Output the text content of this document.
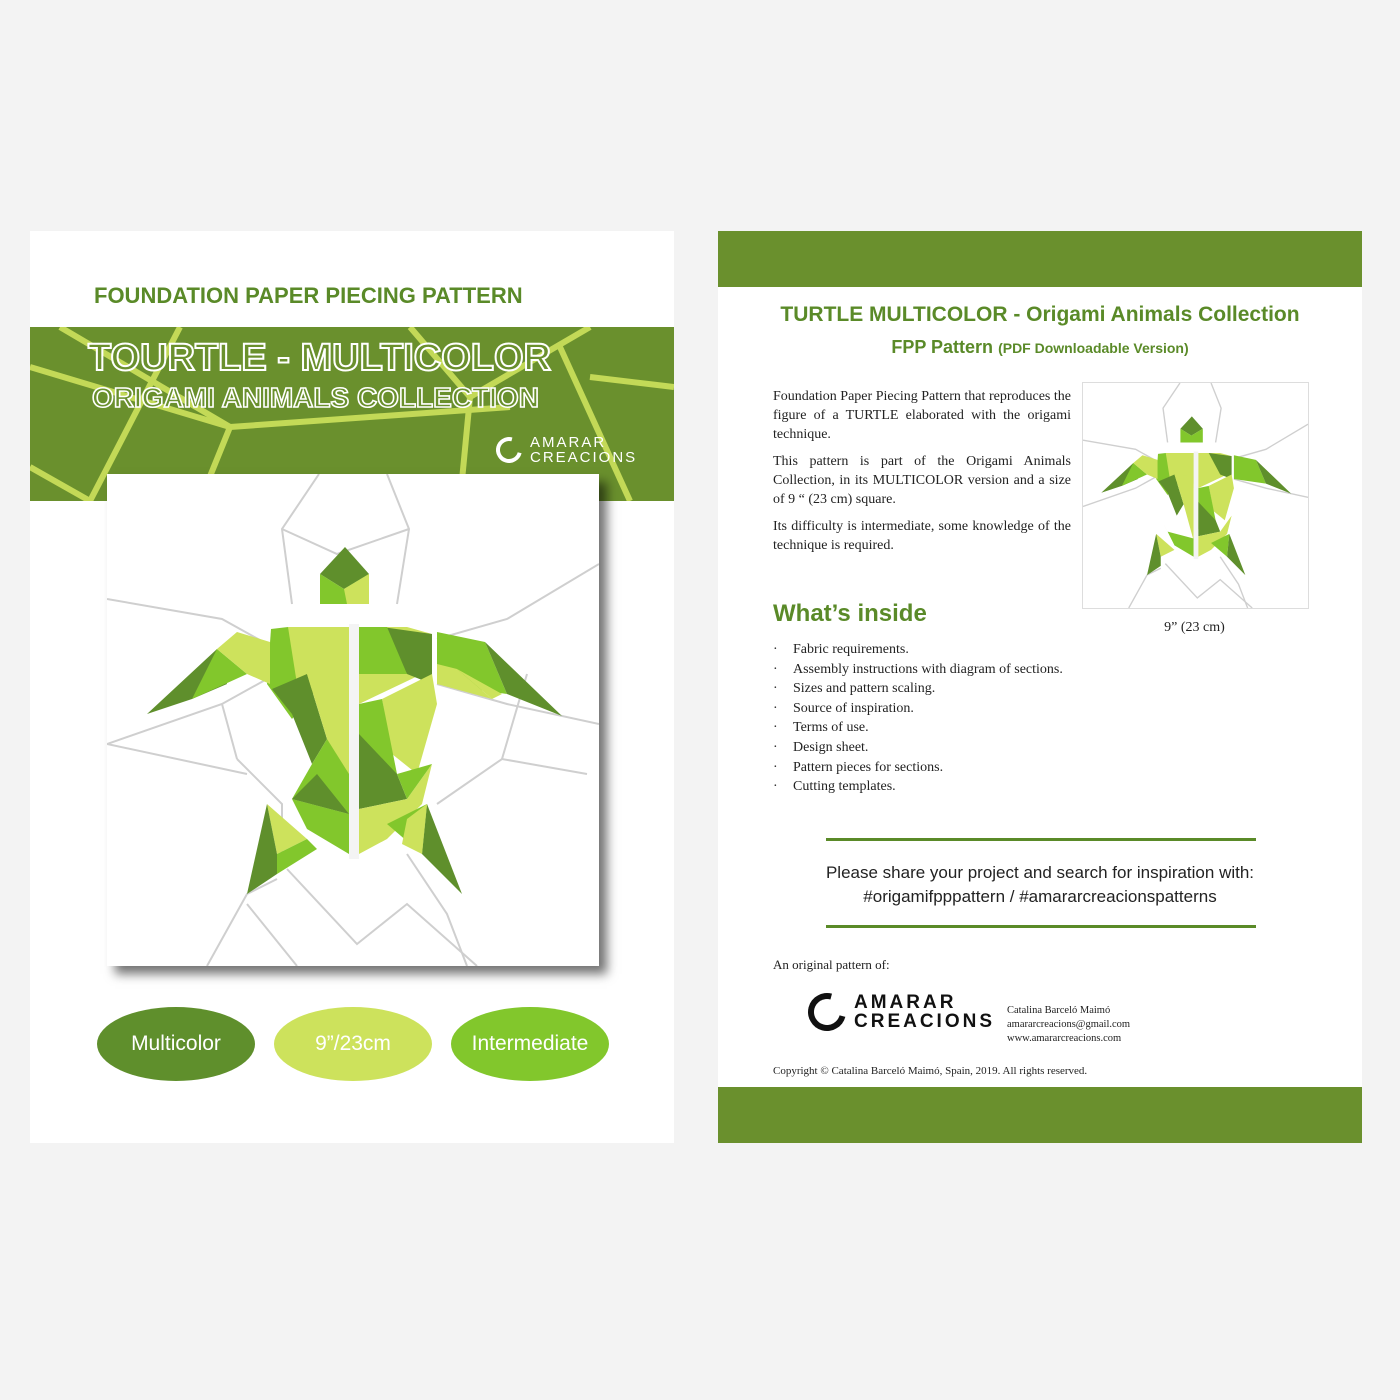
FOUNDATION PAPER PIECING PATTERN
TOURTLE - MULTICOLOR
ORIGAMI ANIMALS COLLECTION
AMARAR
CREACIONS
Multicolor	9”/23cm	Intermediate
TURTLE MULTICOLOR - Origami Animals Collection
FPP Pattern (PDF Downloadable Version)

Foundation Paper Piecing Pattern that reproduces the figure of a TURTLE elaborated with the origami technique.

This pattern is part of the Origami Animals Collection, in its MULTICOLOR version and a size of 9 “ (23 cm) square.

Its difficulty is intermediate, some knowledge of the technique is required.

9” (23 cm)
What’s inside
· Fabric requirements.
· Assembly instructions with diagram of sections.
· Sizes and pattern scaling.
· Source of inspiration.
· Terms of use.
· Design sheet.
· Pattern pieces for sections.
· Cutting templates.
Please share your project and search for inspiration with:
#origamifpppattern / #amararcreacionspatterns
An original pattern of:
AMARAR
CREACIONS
Catalina Barceló Maimó
amararcreacions@gmail.com
www.amararcreacions.com
Copyright © Catalina Barceló Maimó, Spain, 2019. All rights reserved.
